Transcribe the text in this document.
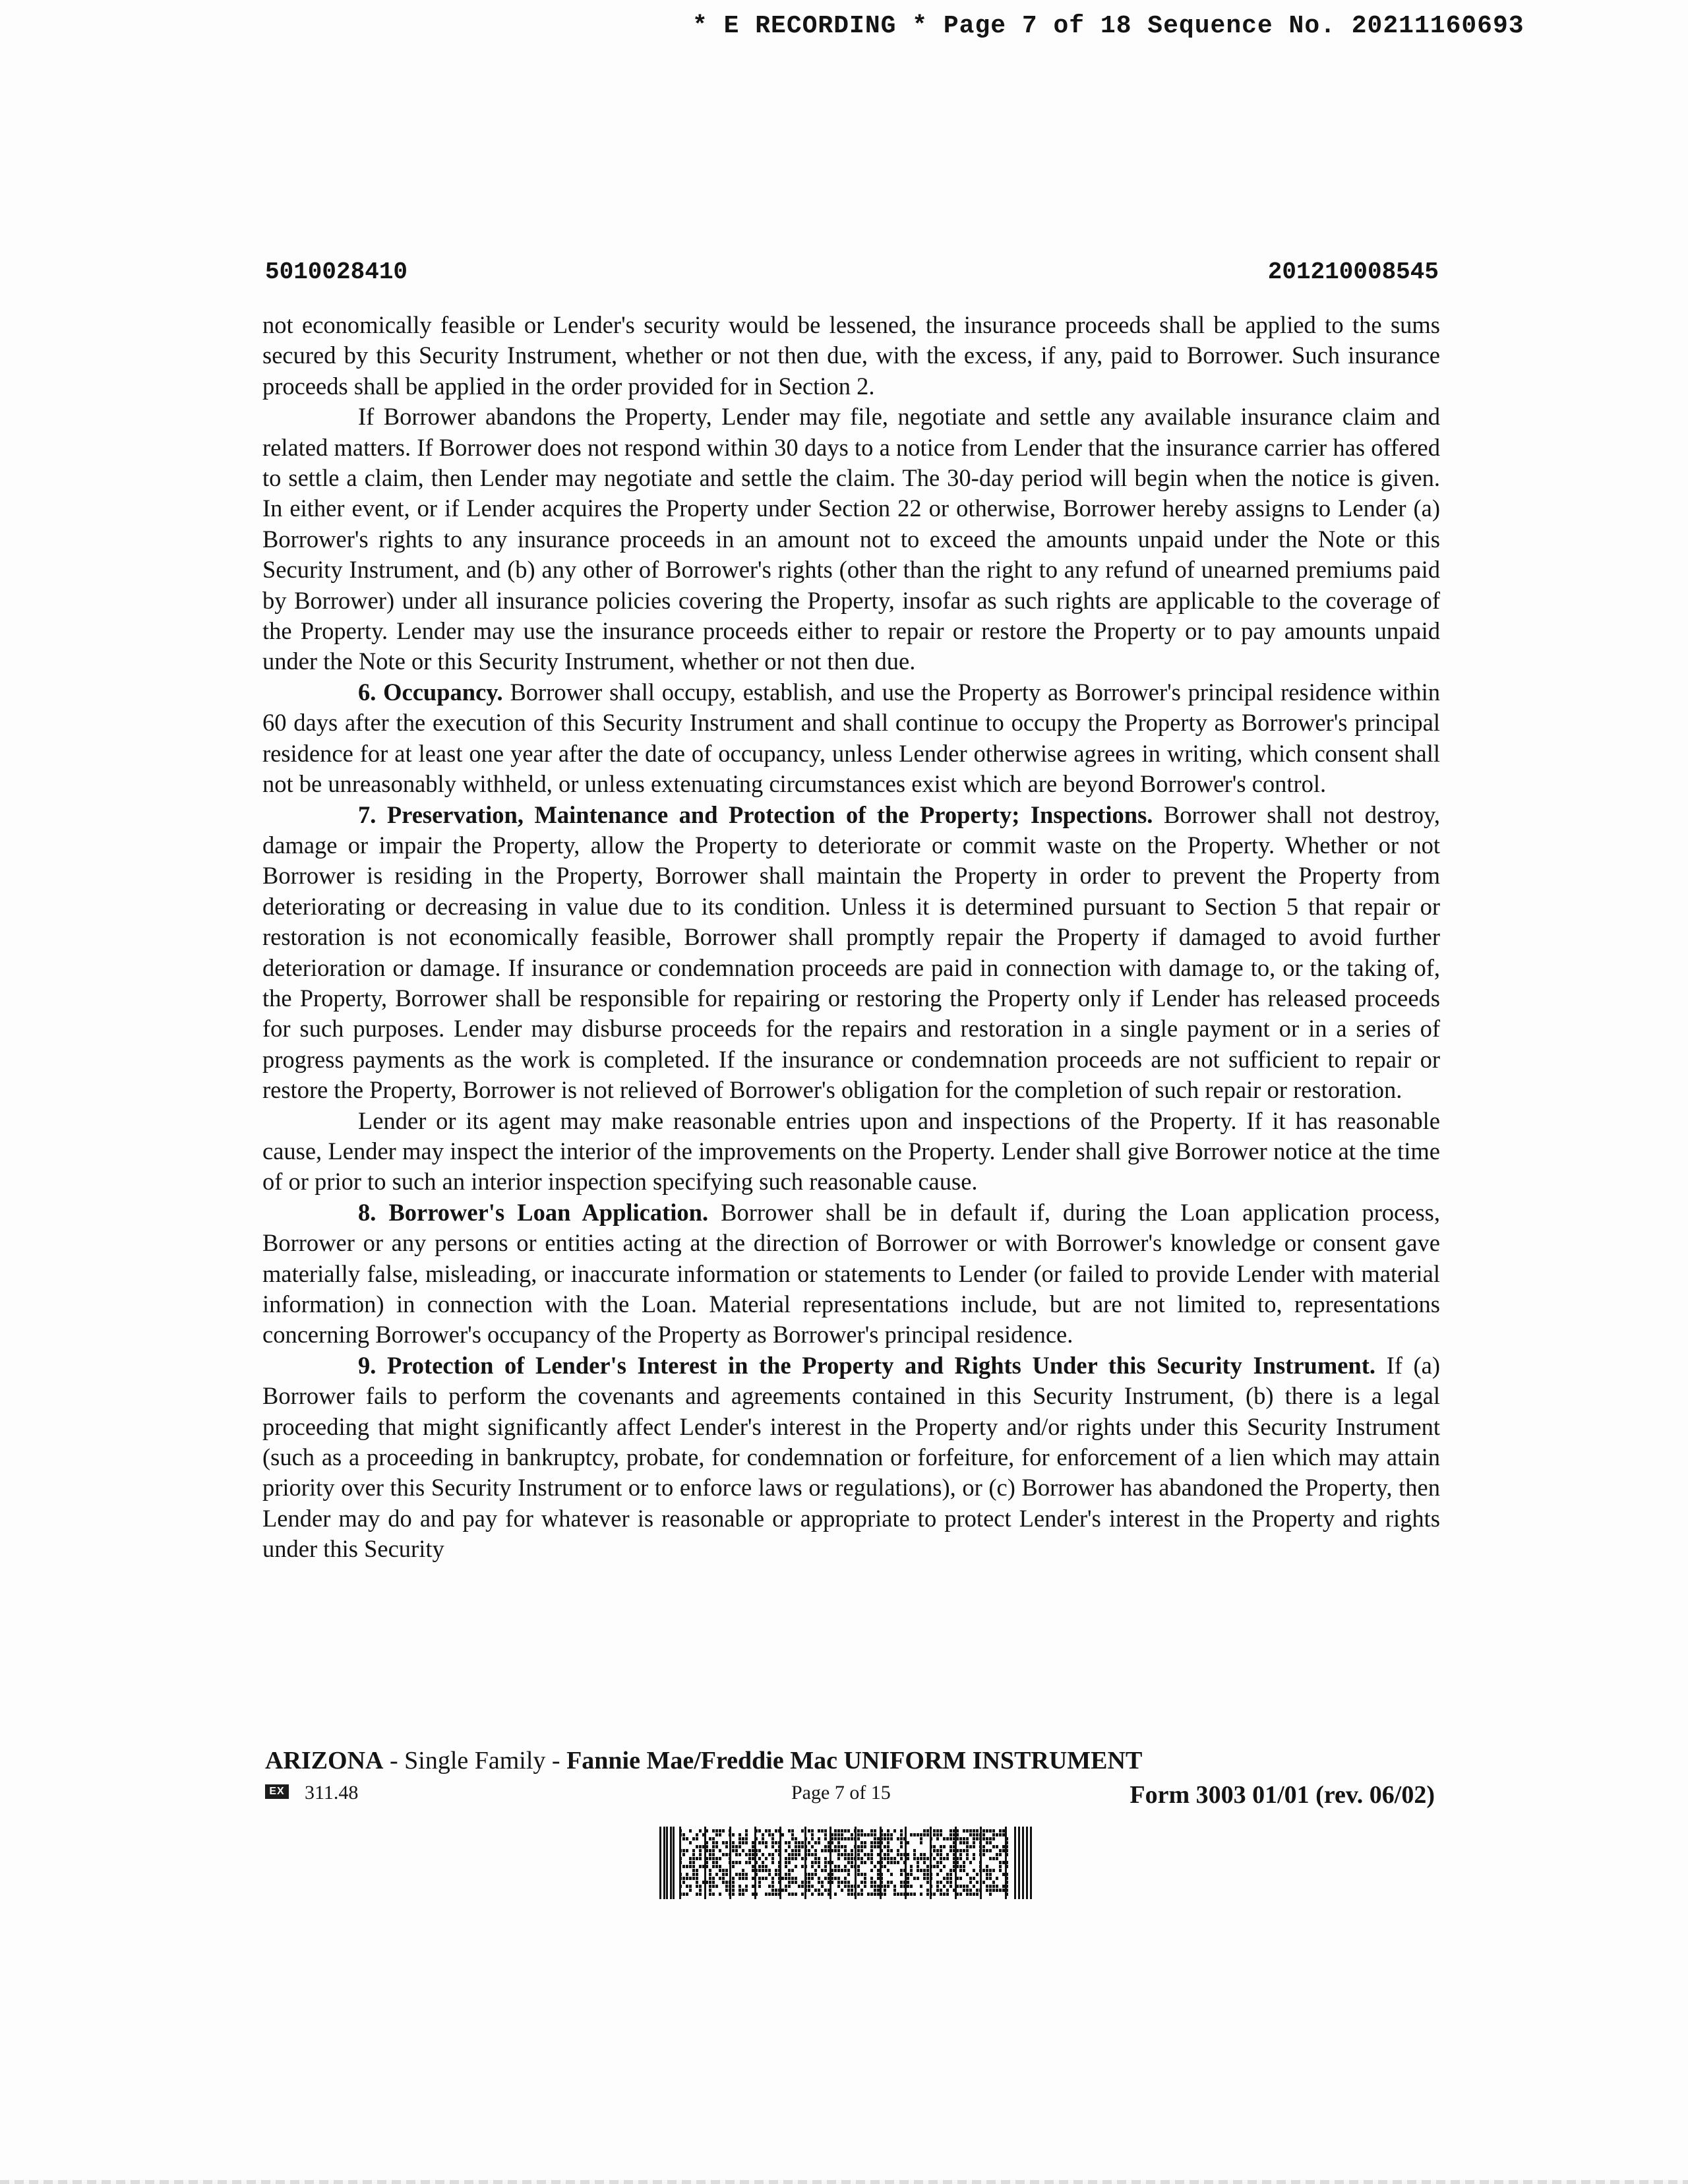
* E RECORDING * Page 7 of 18 Sequence No. 20211160693
5010028410	201210008545

not economically feasible or Lender's security would be lessened, the insurance proceeds shall be applied to the sums secured by this Security Instrument, whether or not then due, with the excess, if any, paid to Borrower. Such insurance proceeds shall be applied in the order provided for in Section 2.

If Borrower abandons the Property, Lender may file, negotiate and settle any available insurance claim and related matters. If Borrower does not respond within 30 days to a notice from Lender that the insurance carrier has offered to settle a claim, then Lender may negotiate and settle the claim. The 30-day period will begin when the notice is given. In either event, or if Lender acquires the Property under Section 22 or otherwise, Borrower hereby assigns to Lender (a) Borrower's rights to any insurance proceeds in an amount not to exceed the amounts unpaid under the Note or this Security Instrument, and (b) any other of Borrower's rights (other than the right to any refund of unearned premiums paid by Borrower) under all insurance policies covering the Property, insofar as such rights are applicable to the coverage of the Property. Lender may use the insurance proceeds either to repair or restore the Property or to pay amounts unpaid under the Note or this Security Instrument, whether or not then due.

6. Occupancy. Borrower shall occupy, establish, and use the Property as Borrower's principal residence within 60 days after the execution of this Security Instrument and shall continue to occupy the Property as Borrower's principal residence for at least one year after the date of occupancy, unless Lender otherwise agrees in writing, which consent shall not be unreasonably withheld, or unless extenuating circumstances exist which are beyond Borrower's control.

7. Preservation, Maintenance and Protection of the Property; Inspections. Borrower shall not destroy, damage or impair the Property, allow the Property to deteriorate or commit waste on the Property. Whether or not Borrower is residing in the Property, Borrower shall maintain the Property in order to prevent the Property from deteriorating or decreasing in value due to its condition. Unless it is determined pursuant to Section 5 that repair or restoration is not economically feasible, Borrower shall promptly repair the Property if damaged to avoid further deterioration or damage. If insurance or condemnation proceeds are paid in connection with damage to, or the taking of, the Property, Borrower shall be responsible for repairing or restoring the Property only if Lender has released proceeds for such purposes. Lender may disburse proceeds for the repairs and restoration in a single payment or in a series of progress payments as the work is completed. If the insurance or condemnation proceeds are not sufficient to repair or restore the Property, Borrower is not relieved of Borrower's obligation for the completion of such repair or restoration.

Lender or its agent may make reasonable entries upon and inspections of the Property. If it has reasonable cause, Lender may inspect the interior of the improvements on the Property. Lender shall give Borrower notice at the time of or prior to such an interior inspection specifying such reasonable cause.

8. Borrower's Loan Application. Borrower shall be in default if, during the Loan application process, Borrower or any persons or entities acting at the direction of Borrower or with Borrower's knowledge or consent gave materially false, misleading, or inaccurate information or statements to Lender (or failed to provide Lender with material information) in connection with the Loan. Material representations include, but are not limited to, representations concerning Borrower's occupancy of the Property as Borrower's principal residence.

9. Protection of Lender's Interest in the Property and Rights Under this Security Instrument. If (a) Borrower fails to perform the covenants and agreements contained in this Security Instrument, (b) there is a legal proceeding that might significantly affect Lender's interest in the Property and/or rights under this Security Instrument (such as a proceeding in bankruptcy, probate, for condemnation or forfeiture, for enforcement of a lien which may attain priority over this Security Instrument or to enforce laws or regulations), or (c) Borrower has abandoned the Property, then Lender may do and pay for whatever is reasonable or appropriate to protect Lender's interest in the Property and rights under this Security

ARIZONA - Single Family - Fannie Mae/Freddie Mac UNIFORM INSTRUMENT
EX 311.48	Page 7 of 15	Form 3003 01/01 (rev. 06/02)
